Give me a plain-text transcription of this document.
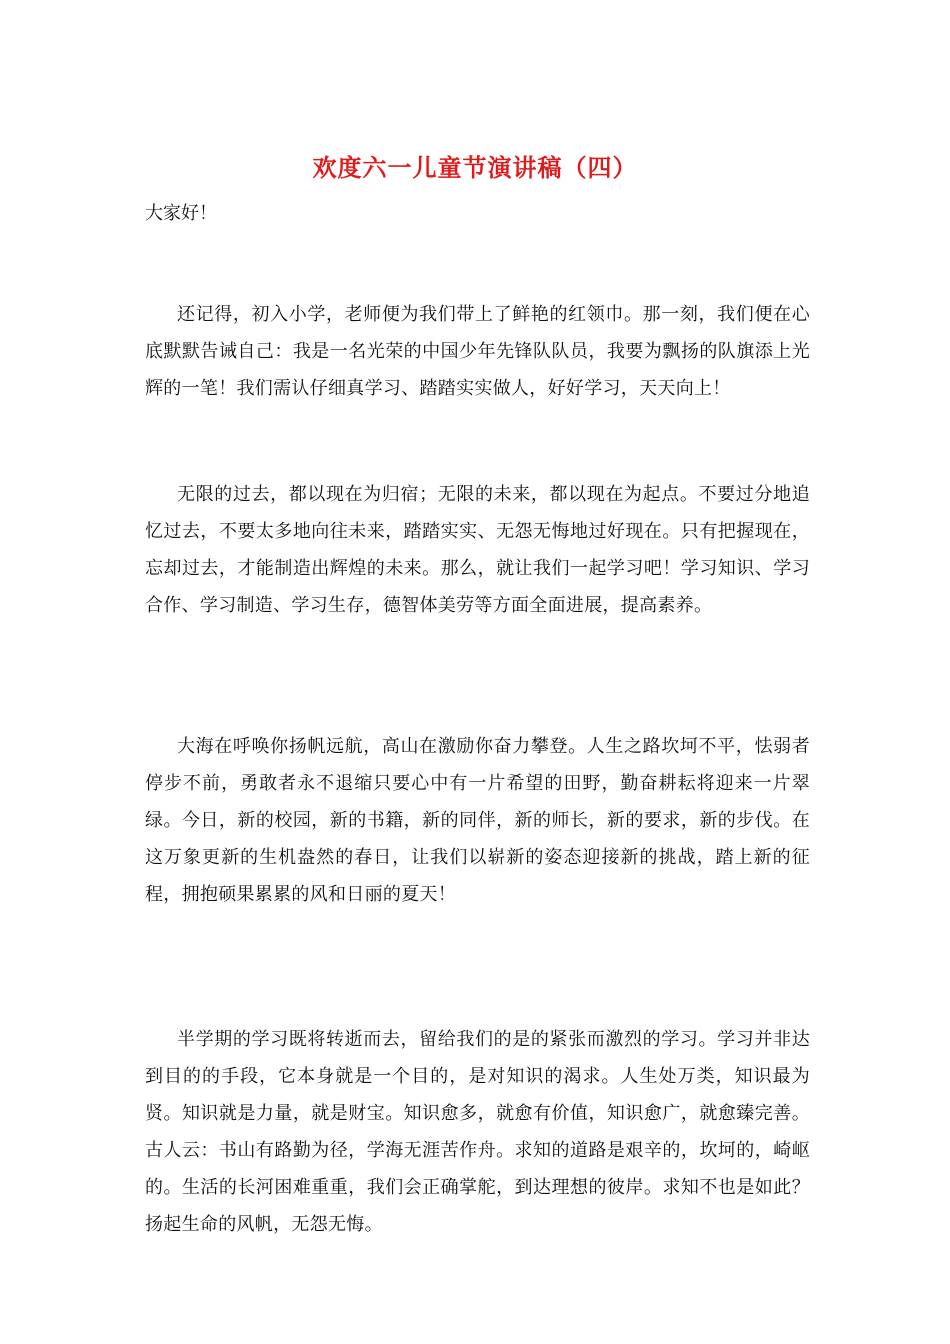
欢度六一儿童节演讲稿（四）

大家好！

还记得，初入小学，老师便为我们带上了鲜艳的红领巾。那一刻，我们便在心底默默告诫自己：我是一名光荣的中国少年先锋队队员，我要为飘扬的队旗添上光辉的一笔！我们需认仔细真学习、踏踏实实做人，好好学习，天天向上！

无限的过去，都以现在为归宿；无限的未来，都以现在为起点。不要过分地追忆过去，不要太多地向往未来，踏踏实实、无怨无悔地过好现在。只有把握现在，忘却过去，才能制造出辉煌的未来。那么，就让我们一起学习吧！学习知识、学习合作、学习制造、学习生存，德智体美劳等方面全面进展，提高素养。

大海在呼唤你扬帆远航，高山在激励你奋力攀登。人生之路坎坷不平，怯弱者停步不前，勇敢者永不退缩只要心中有一片希望的田野，勤奋耕耘将迎来一片翠绿。今日，新的校园，新的书籍，新的同伴，新的师长，新的要求，新的步伐。在这万象更新的生机盎然的春日，让我们以崭新的姿态迎接新的挑战，踏上新的征程，拥抱硕果累累的风和日丽的夏天！

半学期的学习既将转逝而去，留给我们的是的紧张而激烈的学习。学习并非达到目的的手段，它本身就是一个目的，是对知识的渴求。人生处万类，知识最为贤。知识就是力量，就是财宝。知识愈多，就愈有价值，知识愈广，就愈臻完善。古人云：书山有路勤为径，学海无涯苦作舟。求知的道路是艰辛的，坎坷的，崎岖的。生活的长河困难重重，我们会正确掌舵，到达理想的彼岸。求知不也是如此？扬起生命的风帆，无怨无悔。
